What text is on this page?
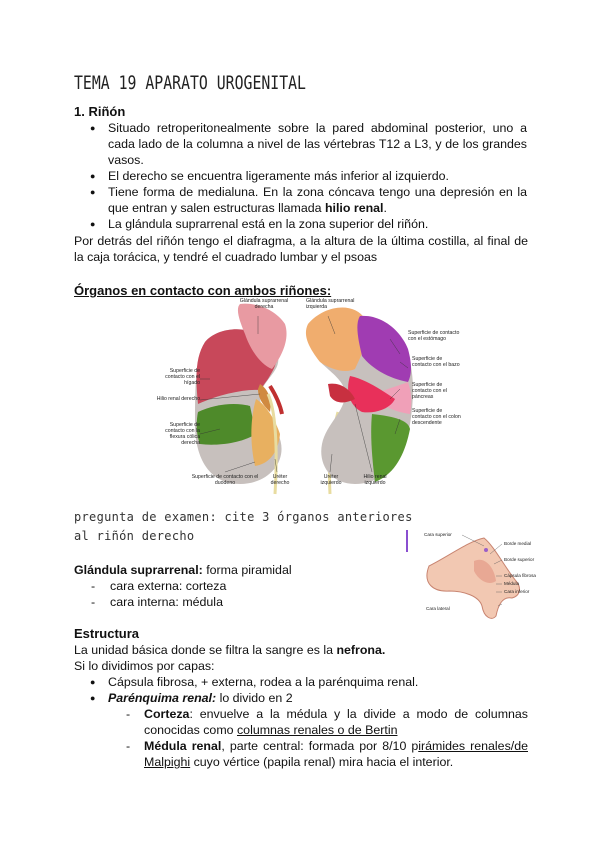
TEMA 19 APARATO UROGENITAL
1. Riñón
● Situado retroperitonealmente sobre la pared abdominal posterior, uno a cada lado de la columna a nivel de las vértebras T12 a L3, y de los grandes vasos.
● El derecho se encuentra ligeramente más inferior al izquierdo.
● Tiene forma de medialuna. En la zona cóncava tengo una depresión en la que entran y salen estructuras llamada hilio renal.
● La glándula suprarrenal está en la zona superior del riñón.
Por detrás del riñón tengo el diafragma, a la altura de la última costilla, al final de la caja torácica, y tendré el cuadrado lumbar y el psoas
Órganos en contacto con ambos riñones:
Glándula suprarrenal derecha
Glándula suprarrenal izquierda
Superficie de contacto con el hígado
Hilio renal derecho
Superficie de contacto con la flexura cólica derecha
Superficie de contacto con el duodeno
Uréter derecho
Uréter izquierdo
Hilio renal izquierdo
Superficie de contacto con el estómago
Superficie de contacto con el bazo
Superficie de contacto con el páncreas
Superficie de contacto con el colon descendente
pregunta de examen: cite 3 órganos anteriores al riñón derecho
Glándula suprarrenal: forma piramidal
- cara externa: corteza
- cara interna: médula
Cara superior
Borde medial
Borde superior
Cápsula fibrosa
Médula
Cara inferior
Cara lateral
Estructura
La unidad básica donde se filtra la sangre es la nefrona.
Si lo dividimos por capas:
● Cápsula fibrosa, + externa, rodea a la parénquima renal.
● Parénquima renal: lo divido en 2
- Corteza: envuelve a la médula y la divide a modo de columnas conocidas como columnas renales o de Bertin
- Médula renal, parte central: formada por 8/10 pirámides renales/de Malpighi cuyo vértice (papila renal) mira hacia el interior.
